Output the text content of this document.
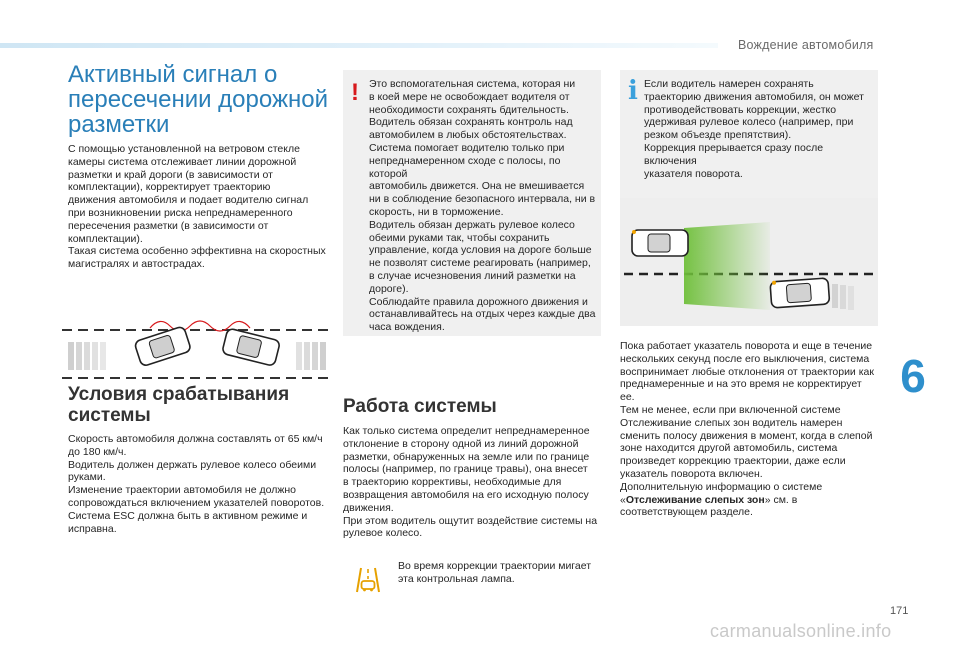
Вождение автомобиля
Активный сигнал о
пересечении дорожной
разметки
С помощью установленной на ветровом стекле
камеры система отслеживает линии дорожной
разметки и край дороги (в зависимости от
комплектации), корректирует траекторию
движения автомобиля и подает водителю сигнал
при возникновении риска непреднамеренного
пересечения разметки (в зависимости от
комплектации).
Такая система особенно эффективна на скоростных
магистралях и автострадах.
Условия срабатывания
системы
Скорость автомобиля должна составлять от 65 км/ч
до 180 км/ч.
Водитель должен держать рулевое колесо обеими
руками.
Изменение траектории автомобиля не должно
сопровождаться включением указателей поворотов.
Система ESC должна быть в активном режиме и
исправна.
! Это вспомогательная система, которая ни
в коей мере не освобождает водителя от
необходимости сохранять бдительность.
Водитель обязан сохранять контроль над
автомобилем в любых обстоятельствах.
Система помогает водителю только при
непреднамеренном сходе с полосы, по которой
автомобиль движется. Она не вмешивается
ни в соблюдение безопасного интервала, ни в
скорость, ни в торможение.
Водитель обязан держать рулевое колесо
обеими руками так, чтобы сохранить
управление, когда условия на дороге больше
не позволят системе реагировать (например,
в случае исчезновения линий разметки на
дороге).
Соблюдайте правила дорожного движения и
останавливайтесь на отдых через каждые два
часа вождения.
Работа системы
Как только система определит непреднамеренное
отклонение в сторону одной из линий дорожной
разметки, обнаруженных на земле или по границе
полосы (например, по границе травы), она внесет
в траекторию коррективы, необходимые для
возвращения автомобиля на его исходную полосу
движения.
При этом водитель ощутит воздействие системы на
рулевое колесо.
Во время коррекции траектории мигает
эта контрольная лампа.
i Если водитель намерен сохранять
траекторию движения автомобиля, он может
противодействовать коррекции, жестко
удерживая рулевое колесо (например, при
резком объезде препятствия).
Коррекция прерывается сразу после включения
указателя поворота.
Пока работает указатель поворота и еще в течение
нескольких секунд после его выключения, система
воспринимает любые отклонения от траектории как
преднамеренные и на это время не корректирует ее.
Тем не менее, если при включенной системе
Отслеживание слепых зон водитель намерен
сменить полосу движения в момент, когда в слепой
зоне находится другой автомобиль, система
произведет коррекцию траектории, даже если
указатель поворота включен.
Дополнительную информацию о системе
«Отслеживание слепых зон» см. в
соответствующем разделе.
6
171
carmanualsonline.info
